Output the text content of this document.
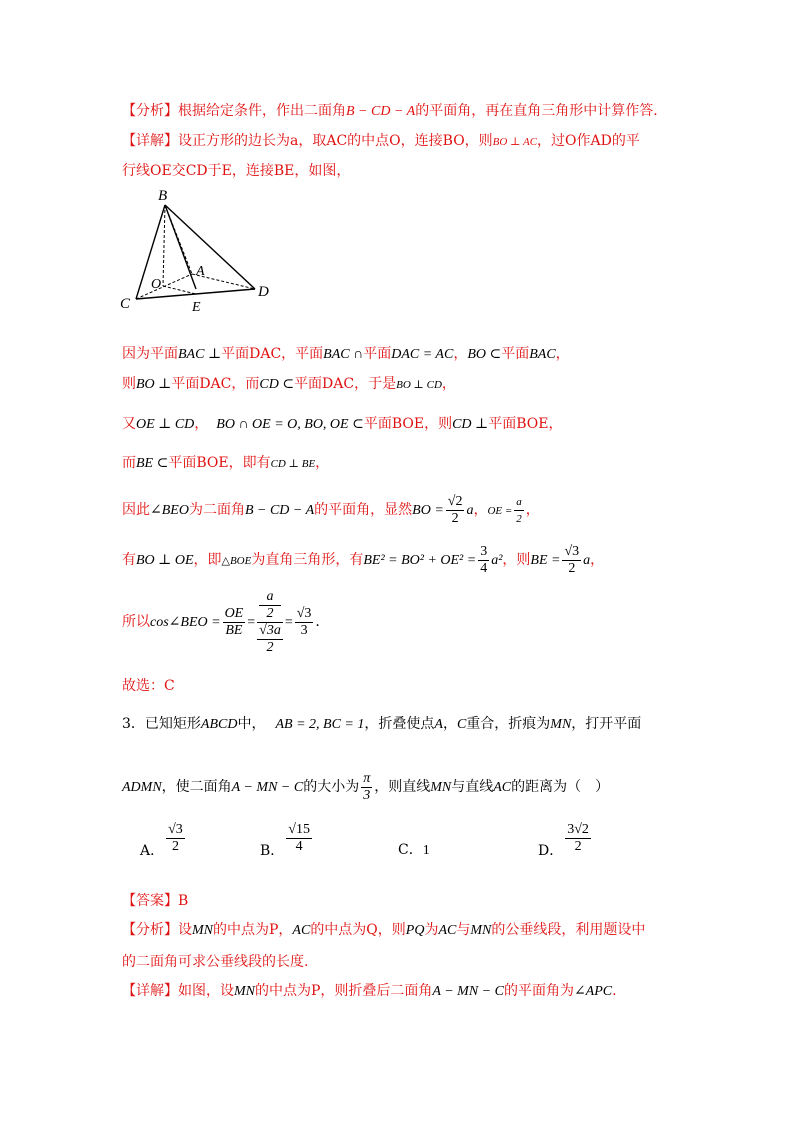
【分析】根据给定条件，作出二面角B − CD − A的平面角，再在直角三角形中计算作答.
【详解】设正方形的边长为a，取AC的中点O，连接BO，则BO ⊥ AC，过O作AD的平
行线OE交CD于E，连接BE，如图，
B
A
O
C
D
E
因为平面BAC ⊥平面DAC，平面BAC ∩平面DAC = AC，BO ⊂平面BAC，
则BO ⊥平面DAC，而CD ⊂平面DAC，于是BO ⊥ CD，
又OE ⊥ CD， BO ∩ OE = O, BO, OE ⊂平面BOE，则CD ⊥平面BOE，
而BE ⊂平面BOE，即有CD ⊥ BE，
因此∠BEO为二面角B − CD − A的平面角，显然BO = $\frac{√2}{2}$ a，OE = $\frac{a}{2}$ ，
有BO ⊥ OE，即△BOE为直角三角形，有$BE^2 = BO^2 + OE^2 = \frac{3}{4} a^2$，则BE = $\frac{√3}{2}$ a，
所以cos∠BEO = $\frac{OE}{BE} = a$
2
√3a
$2 = \frac{√3}{3}$ .
故选：C
3．已知矩形ABCD中， AB = 2, BC = 1，折叠使点A，C重合，折痕为MN，打开平面
ADMN，使二面角A − MN − C的大小为 $\frac{\pi}{3}$ ，则直线MN与直线AC的距离为（　）
A． $\frac{√3}{2}$	B． $\frac{√15}{4}$	C．1	D． $\frac{3√2}{2}$
【答案】B
【分析】设MN的中点为P，AC的中点为Q，则PQ为AC与MN的公垂线段，利用题设中
的二面角可求公垂线段的长度.
【详解】如图，设MN的中点为P，则折叠后二面角A − MN − C的平面角为∠APC.
